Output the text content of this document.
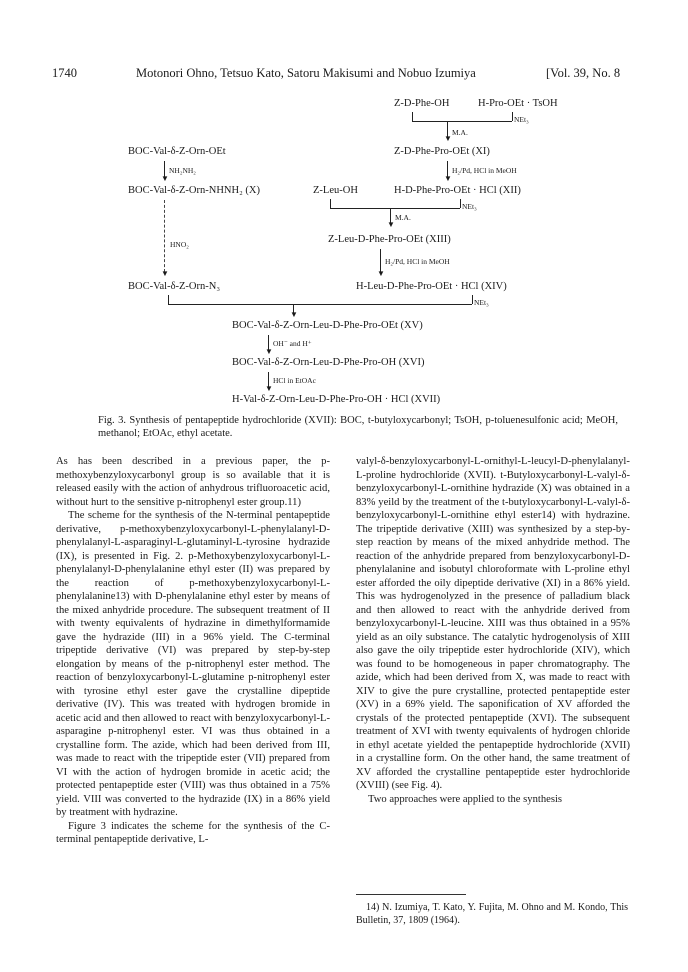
1740	Motonori Ohno, Tetsuo Kato, Satoru Makisumi and Nobuo Izumiya	[Vol. 39, No. 8
Z-D-Phe-OH	H-Pro-OEt · TsOH
NEt₃
▼
M.A.
Z-D-Phe-Pro-OEt (XI)
▼
H₂/Pd, HCl in MeOH
BOC-Val-δ-Z-Orn-OEt
▼
NH₂NH₂
BOC-Val-δ-Z-Orn-NHNH₂ (X)	Z-Leu-OH	H-D-Phe-Pro-OEt · HCl (XII)
NEt₃
▼
M.A.
Z-Leu-D-Phe-Pro-OEt (XIII)
▼
HNO₂
BOC-Val-δ-Z-Orn-N₃
▼
H₂/Pd, HCl in MeOH
H-Leu-D-Phe-Pro-OEt · HCl (XIV)
NEt₃
▼
BOC-Val-δ-Z-Orn-Leu-D-Phe-Pro-OEt (XV)
▼
OH⁻ and H⁺
BOC-Val-δ-Z-Orn-Leu-D-Phe-Pro-OH (XVI)
▼
HCl in EtOAc
H-Val-δ-Z-Orn-Leu-D-Phe-Pro-OH · HCl (XVII)
Fig. 3. Synthesis of pentapeptide hydrochloride (XVII): BOC, t-butyloxycarbonyl; TsOH, p-toluenesulfonic acid; MeOH, methanol; EtOAc, ethyl acetate.

As has been described in a previous paper, the p-methoxybenzyloxycarbonyl group is so available that it is released easily with the action of anhydrous trifluoroacetic acid, without hurt to the sensitive p-nitrophenyl ester group.11)

The scheme for the synthesis of the N-terminal pentapeptide derivative, p-methoxybenzyloxycarbonyl-L-phenylalanyl-D-phenylalanyl-L-asparaginyl-L-glutaminyl-L-tyrosine hydrazide (IX), is presented in Fig. 2. p-Methoxybenzyloxycarbonyl-L-phenylalanyl-D-phenylalanine ethyl ester (II) was prepared by the reaction of p-methoxybenzyloxycarbonyl-L-phenylalanine13) with D-phenylalanine ethyl ester by means of the mixed anhydride procedure. The subsequent treatment of II with twenty equivalents of hydrazine in dimethylformamide gave the hydrazide (III) in a 96% yield. The C-terminal tripeptide derivative (VI) was prepared by step-by-step elongation by means of the p-nitrophenyl ester method. The reaction of benzyloxycarbonyl-L-glutamine p-nitrophenyl ester with tyrosine ethyl ester gave the crystalline dipeptide derivative (IV). This was treated with hydrogen bromide in acetic acid and then allowed to react with benzyloxycarbonyl-L-asparagine p-nitrophenyl ester. VI was thus obtained in a crystalline form. The azide, which had been derived from III, was made to react with the tripeptide ester (VII) prepared from VI with the action of hydrogen bromide in acetic acid; the protected pentapeptide ester (VIII) was thus obtained in a 75% yield. VIII was converted to the hydrazide (IX) in a 86% yield by treatment with hydrazine.

Figure 3 indicates the scheme for the synthesis of the C-terminal pentapeptide derivative, L-

valyl-δ-benzyloxycarbonyl-L-ornithyl-L-leucyl-D-phenylalanyl-L-proline hydrochloride (XVII). t-Butyloxycarbonyl-L-valyl-δ-benzyloxycarbonyl-L-ornithine hydrazide (X) was obtained in a 83% yeild by the treatment of the t-butyloxycarbonyl-L-valyl-δ-benzyloxycarbonyl-L-ornithine ethyl ester14) with hydrazine. The tripeptide derivative (XIII) was synthesized by a step-by-step reaction by means of the mixed anhydride method. The reaction of the anhydride prepared from benzyloxycarbonyl-D-phenylalanine and isobutyl chloroformate with L-proline ethyl ester afforded the oily dipeptide derivative (XI) in a 86% yield. This was hydrogenolyzed in the presence of palladium black and then allowed to react with the anhydride derived from benzyloxycarbonyl-L-leucine. XIII was thus obtained in a 95% yield as an oily substance. The catalytic hydrogenolysis of XIII also gave the oily tripeptide ester hydrochloride (XIV), which was found to be homogeneous in paper chromatography. The azide, which had been derived from X, was made to react with XIV to give the pure crystalline, protected pentapeptide ester (XV) in a 69% yield. The saponification of XV afforded the crystals of the protected pentapeptide (XVI). The subsequent treatment of XVI with twenty equivalents of hydrogen chloride in ethyl acetate yielded the pentapeptide hydrochloride (XVII) in a crystalline form. On the other hand, the same treatment of XV afforded the crystalline pentapeptide ester hydrochloride (XVIII) (see Fig. 4).

Two approaches were applied to the synthesis

14) N. Izumiya, T. Kato, Y. Fujita, M. Ohno and M. Kondo, This Bulletin, 37, 1809 (1964).
